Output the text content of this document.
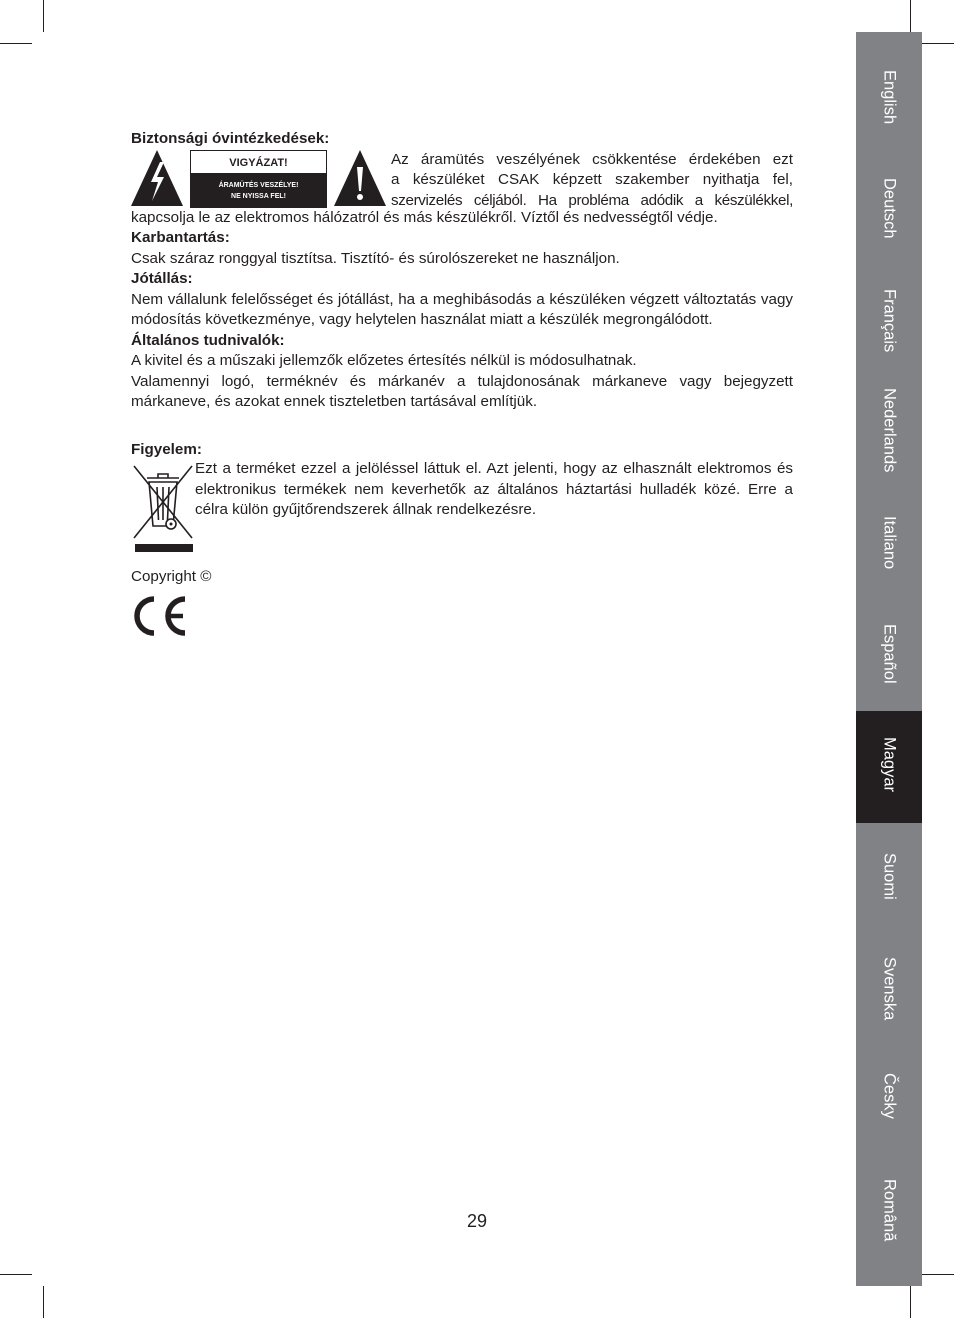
Biztonsági óvintézkedések:

VIGYÁZAT!
ÁRAMÜTÉS VESZÉLYE!
NE NYISSA FEL!
Az áramütés veszélyének csökkentése érdekében ezt
a készüléket CSAK képzett szakember nyithatja fel,
szervizelés céljából. Ha probléma adódik a készülékkel,

kapcsolja le az elektromos hálózatról és más készülékről. Víztől és nedvességtől védje.

Karbantartás:

Csak száraz ronggyal tisztítsa. Tisztító- és súrolószereket ne használjon.

Jótállás:

Nem vállalunk felelősséget és jótállást, ha a meghibásodás a készüléken végzett változtatás vagy módosítás következménye, vagy helytelen használat miatt a készülék megrongálódott.

Általános tudnivalók:

A kivitel és a műszaki jellemzők előzetes értesítés nélkül is módosulhatnak.

Valamennyi logó, terméknév és márkanév a tulajdonosának márkaneve vagy bejegyzett márkaneve, és azokat ennek tiszteletben tartásával említjük.

Figyelem:

Ezt a terméket ezzel a jelöléssel láttuk el. Azt jelenti, hogy az elhasznált elektromos és elektronikus termékek nem keverhetők az általános háztartási hulladék közé. Erre a célra külön gyűjtőrendszerek állnak rendelkezésre.

Copyright ©

English
Deutsch
Français
Nederlands
Italiano
Español
Magyar
Suomi
Svenska
Česky
Română
29
